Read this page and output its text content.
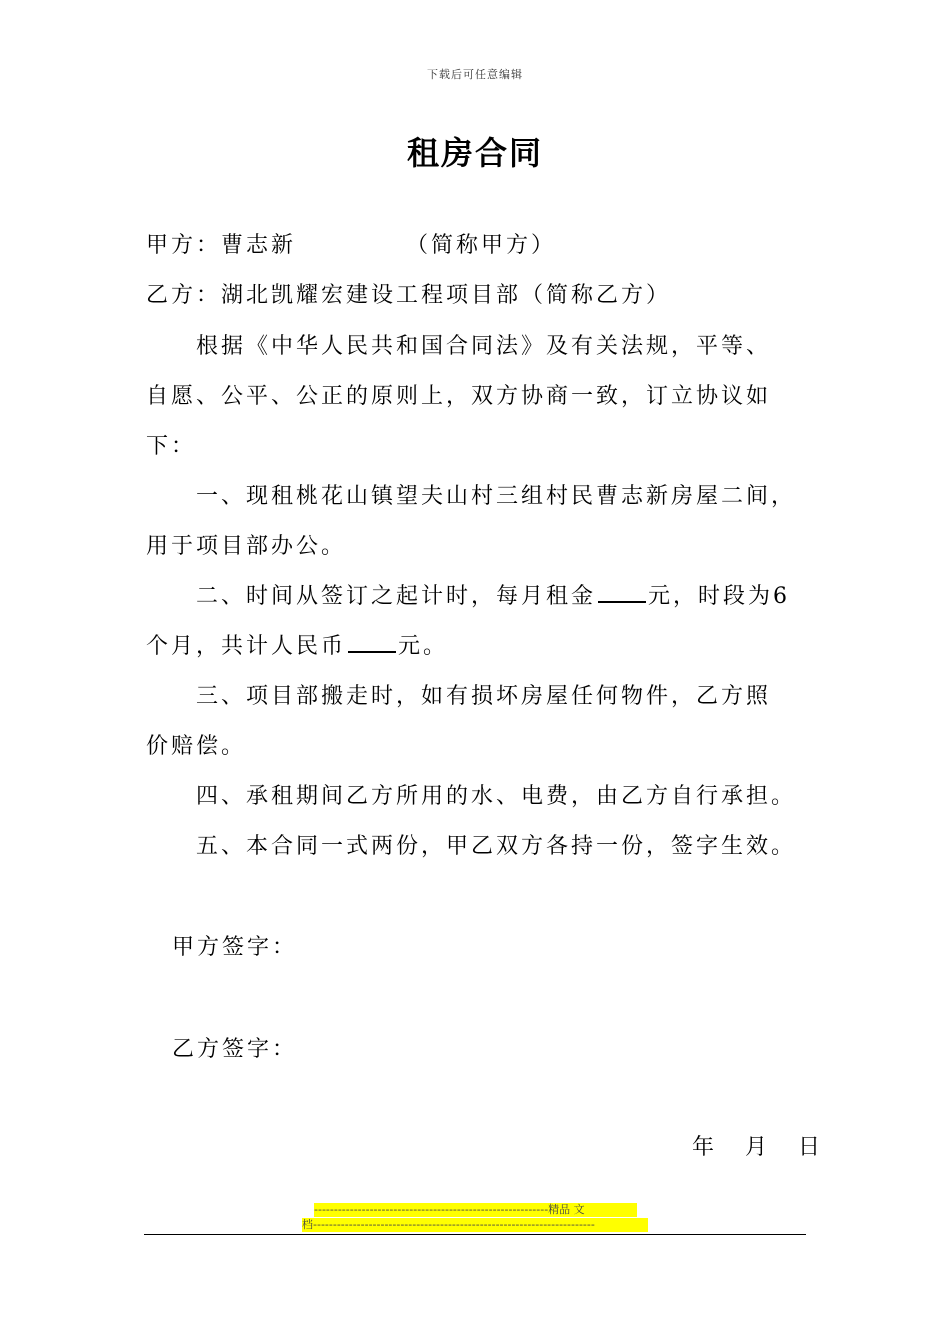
下载后可任意编辑
租房合同
甲方：曹志新	（简称甲方）
乙方：湖北凯耀宏建设工程项目部（简称乙方）
根据《中华人民共和国合同法》及有关法规，平等、
自愿、公平、公正的原则上，双方协商一致，订立协议如
下：
一、现租桃花山镇望夫山村三组村民曹志新房屋二间，
用于项目部办公。
二、时间从签订之起计时，每月租金 元，时段为6
个月，共计人民币 元。
三、项目部搬走时，如有损坏房屋任何物件，乙方照
价赔偿。
四、承租期间乙方所用的水、电费，由乙方自行承担。
五、本合同一式两份，甲乙双方各持一份，签字生效。
甲方签字：
乙方签字：
年 月 日
-----------------------------------------------------------精品 文
档-----------------------------------------------------------------------
